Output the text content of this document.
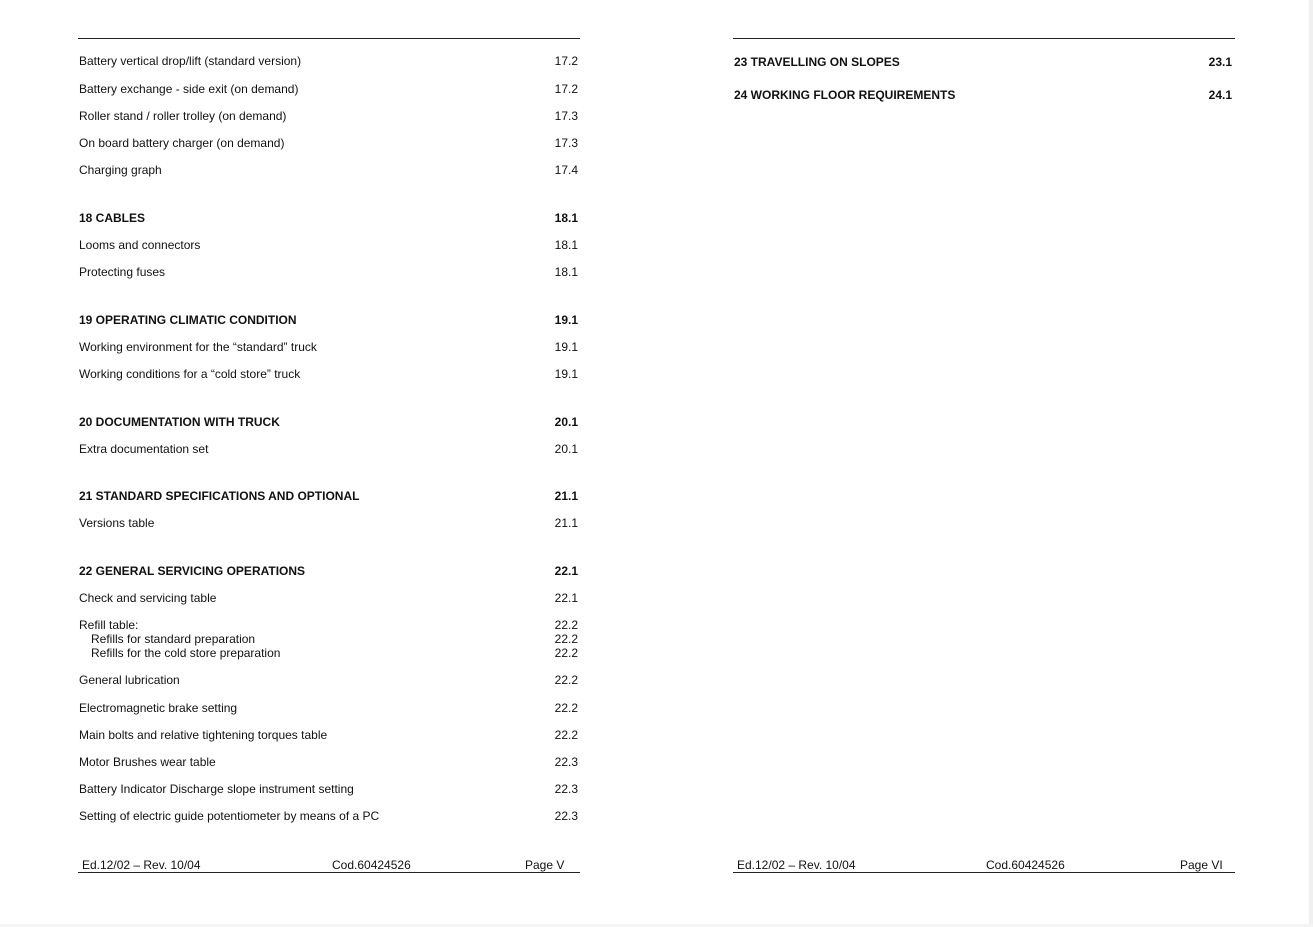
Battery vertical drop/lift (standard version)	17.2
Battery exchange - side exit (on demand)	17.2
Roller stand / roller trolley (on demand)	17.3
On board battery charger (on demand)	17.3
Charging graph	17.4
18 CABLES	18.1
Looms and connectors	18.1
Protecting fuses	18.1
19 OPERATING CLIMATIC CONDITION	19.1
Working environment for the “standard” truck	19.1
Working conditions for a “cold store” truck	19.1
20 DOCUMENTATION WITH TRUCK	20.1
Extra documentation set	20.1
21 STANDARD SPECIFICATIONS AND OPTIONAL	21.1
Versions table	21.1
22 GENERAL SERVICING OPERATIONS	22.1
Check and servicing table	22.1
Refill table:	22.2
Refills for standard preparation	22.2
Refills for the cold store preparation	22.2
General lubrication	22.2
Electromagnetic brake setting	22.2
Main bolts and relative tightening torques table	22.2
Motor Brushes wear table	22.3
Battery Indicator Discharge slope instrument setting	22.3
Setting of electric guide potentiometer by means of a PC	22.3
Ed.12/02 – Rev. 10/04	Cod.60424526	Page V
23 TRAVELLING ON SLOPES	23.1
24 WORKING FLOOR REQUIREMENTS	24.1
Ed.12/02 – Rev. 10/04	Cod.60424526	Page VI
